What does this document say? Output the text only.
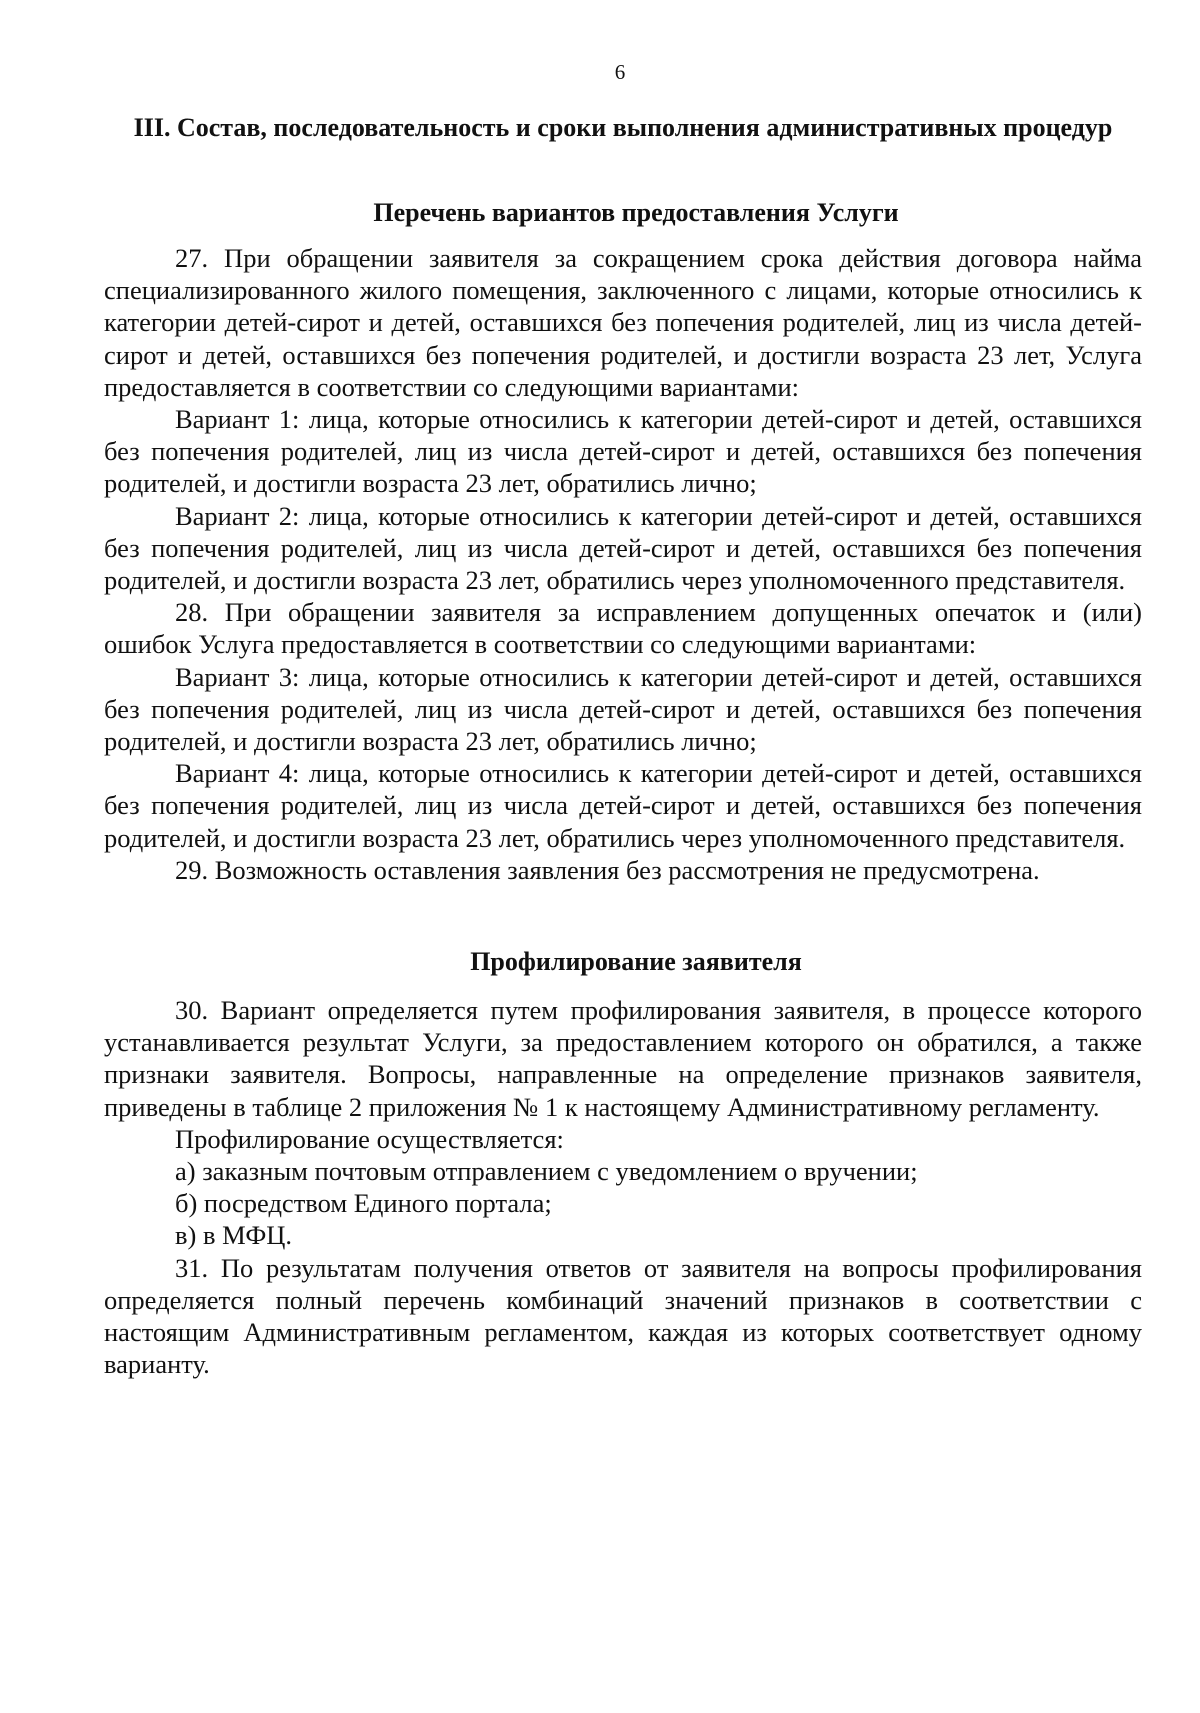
6
III. Состав, последовательность и сроки выполнения административных процедур
Перечень вариантов предоставления Услуги

27. При обращении заявителя за сокращением срока действия договора найма специализированного жилого помещения, заключенного с лицами, которые относились к категории детей-сирот и детей, оставшихся без попечения родителей, лиц из числа детей-сирот и детей, оставшихся без попечения родителей, и достигли возраста 23 лет, Услуга предоставляется в соответствии со следующими вариантами:

Вариант 1: лица, которые относились к категории детей-сирот и детей, оставшихся без попечения родителей, лиц из числа детей-сирот и детей, оставшихся без попечения родителей, и достигли возраста 23 лет, обратились лично;

Вариант 2: лица, которые относились к категории детей-сирот и детей, оставшихся без попечения родителей, лиц из числа детей-сирот и детей, оставшихся без попечения родителей, и достигли возраста 23 лет, обратились через уполномоченного представителя.

28. При обращении заявителя за исправлением допущенных опечаток и (или) ошибок Услуга предоставляется в соответствии со следующими вариантами:

Вариант 3: лица, которые относились к категории детей-сирот и детей, оставшихся без попечения родителей, лиц из числа детей-сирот и детей, оставшихся без попечения родителей, и достигли возраста 23 лет, обратились лично;

Вариант 4: лица, которые относились к категории детей-сирот и детей, оставшихся без попечения родителей, лиц из числа детей-сирот и детей, оставшихся без попечения родителей, и достигли возраста 23 лет, обратились через уполномоченного представителя.

29. Возможность оставления заявления без рассмотрения не предусмотрена.

Профилирование заявителя

30. Вариант определяется путем профилирования заявителя, в процессе которого устанавливается результат Услуги, за предоставлением которого он обратился, а также признаки заявителя. Вопросы, направленные на определение признаков заявителя, приведены в таблице 2 приложения № 1 к настоящему Административному регламенту.

Профилирование осуществляется:

а) заказным почтовым отправлением с уведомлением о вручении;

б) посредством Единого портала;

в) в МФЦ.

31. По результатам получения ответов от заявителя на вопросы профилирования определяется полный перечень комбинаций значений признаков в соответствии с настоящим Административным регламентом, каждая из которых соответствует одному варианту.
